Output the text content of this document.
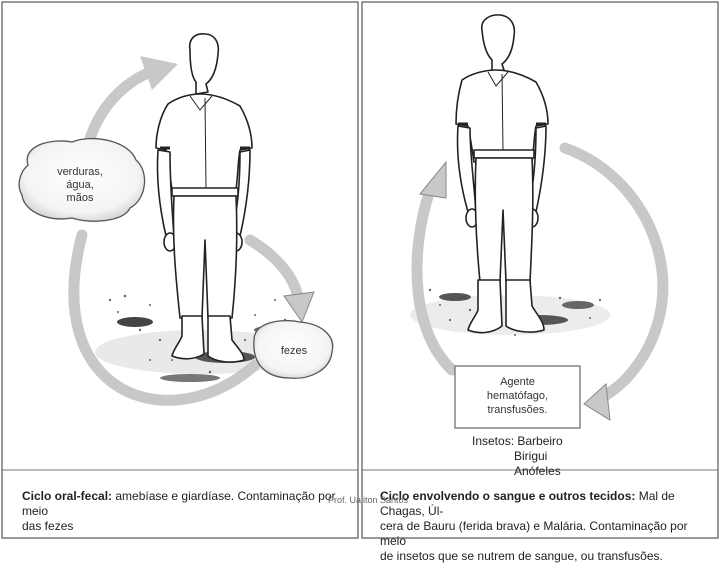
verduras,
água,
mãos
fezes
Ciclo oral-fecal: amebíase e giardíase. Contaminação por meio
das fezes
Agente
hematófago,
transfusões.
Insetos: Barbeiro
Birigui
Anófeles
Ciclo envolvendo o sangue e outros tecidos: Mal de Chagas, Úl-
cera de Bauru (ferida brava) e Malária. Contaminação por meio
de insetos que se nutrem de sangue, ou transfusões.
Prof. Ualiton Santos
